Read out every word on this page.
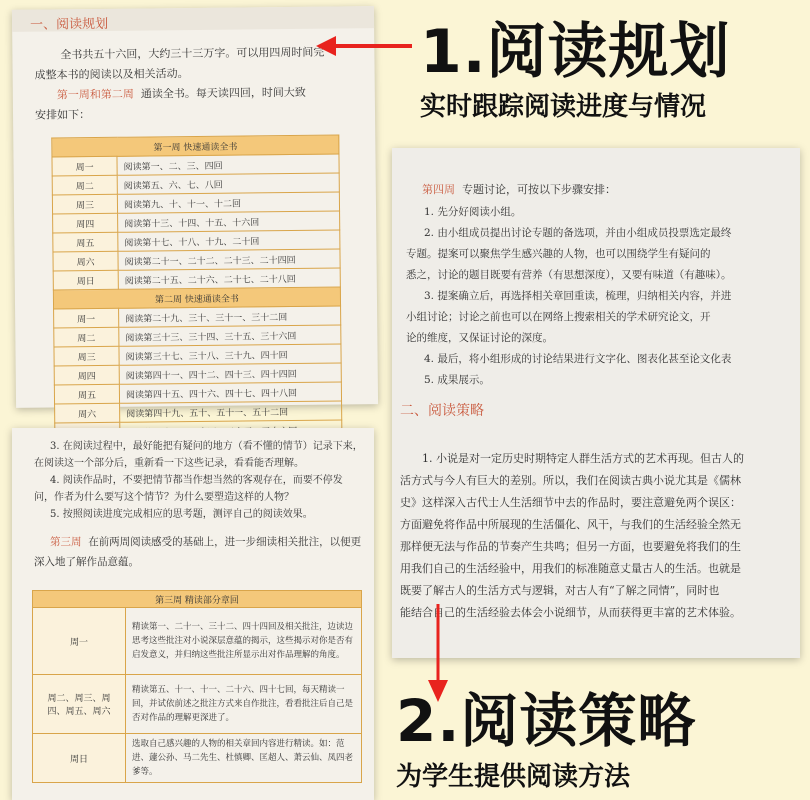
一、阅读规划

全书共五十六回，大约三十三万字。可以用四周时间完

成整本书的阅读以及相关活动。

第一周和第二周 通读全书。每天读四回，时间大致

安排如下：

第一周 快速通读全书	
周一	阅读第一、二、三、四回
周二	阅读第五、六、七、八回
周三	阅读第九、十、十一、十二回
周四	阅读第十三、十四、十五、十六回
周五	阅读第十七、十八、十九、二十回
周六	阅读第二十一、二十二、二十三、二十四回
周日	阅读第二十五、二十六、二十七、二十八回
第二周 快速通读全书	
周一	阅读第二十九、三十、三十一、三十二回
周二	阅读第三十三、三十四、三十五、三十六回
周三	阅读第三十七、三十八、三十九、四十回
周四	阅读第四十一、四十二、四十三、四十四回
周五	阅读第四十五、四十六、四十七、四十八回
周六	阅读第四十九、五十、五十一、五十二回

1.阅读规划
实时跟踪阅读进度与情况

第四周 专题讨论，可按以下步骤安排：

1. 先分好阅读小组。

2. 由小组成员提出讨论专题的备选项，并由小组成员投票选定最终

专题。提案可以聚焦学生感兴趣的人物，也可以围绕学生有疑问的

悉之，讨论的题目既要有营养（有思想深度），又要有味道（有趣味）。

3. 提案确立后，再选择相关章回重读，梳理，归纳相关内容，并进

小组讨论；讨论之前也可以在网络上搜索相关的学术研究论文，开

论的维度，又保证讨论的深度。

4. 最后，将小组形成的讨论结果进行文字化、图表化甚至论文化表

5. 成果展示。

二、阅读策略

1. 小说是对一定历史时期特定人群生活方式的艺术再现。但古人的

活方式与今人有巨大的差别。所以，我们在阅读古典小说尤其是《儒林

史》这样深入古代士人生活细节中去的作品时，要注意避免两个误区：

方面避免将作品中所展现的生活僵化、风干，与我们的生活经验全然无

那样便无法与作品的节奏产生共鸣；但另一方面，也要避免将我们的生

用我们自己的生活经验中，用我们的标准随意丈量古人的生活。也就是

既要了解古人的生活方式与逻辑，对古人有“了解之同情”，同时也

能结合自己的生活经验去体会小说细节，从而获得更丰富的艺术体验。

3. 在阅读过程中，最好能把有疑问的地方（看不懂的情节）记录下来，

在阅读这一个部分后，重新看一下这些记录，看看能否理解。

4. 阅读作品时，不要把情节都当作想当然的客观存在，而要不停发

问，作者为什么要写这个情节？为什么要塑造这样的人物？

5. 按照阅读进度完成相应的思考题，测评自己的阅读效果。

第三周 在前两周阅读感受的基础上，进一步细读相关批注，以便更

深入地了解作品意蕴。

第三周 精读部分章回	
周一	精读第一、二十一、三十二、四十四回及相关批注，边读边思考这些批注对小说深层意蕴的揭示，这些揭示对你是否有启发意义，并归纳这些批注所显示出对作品理解的角度。
周二、周三、周四、周五、周六	精读第五、十一、十一、二十六、四十七回，每天精读一回，并试依前述之批注方式来自作批注，看看批注后自己是否对作品的理解更深进了。
周日	选取自己感兴趣的人物的相关章回内容进行精读。如：范进、蘧公孙、马二先生、杜慎卿、匡超人、萧云仙、凤四老爹等。
2.阅读策略
为学生提供阅读方法
